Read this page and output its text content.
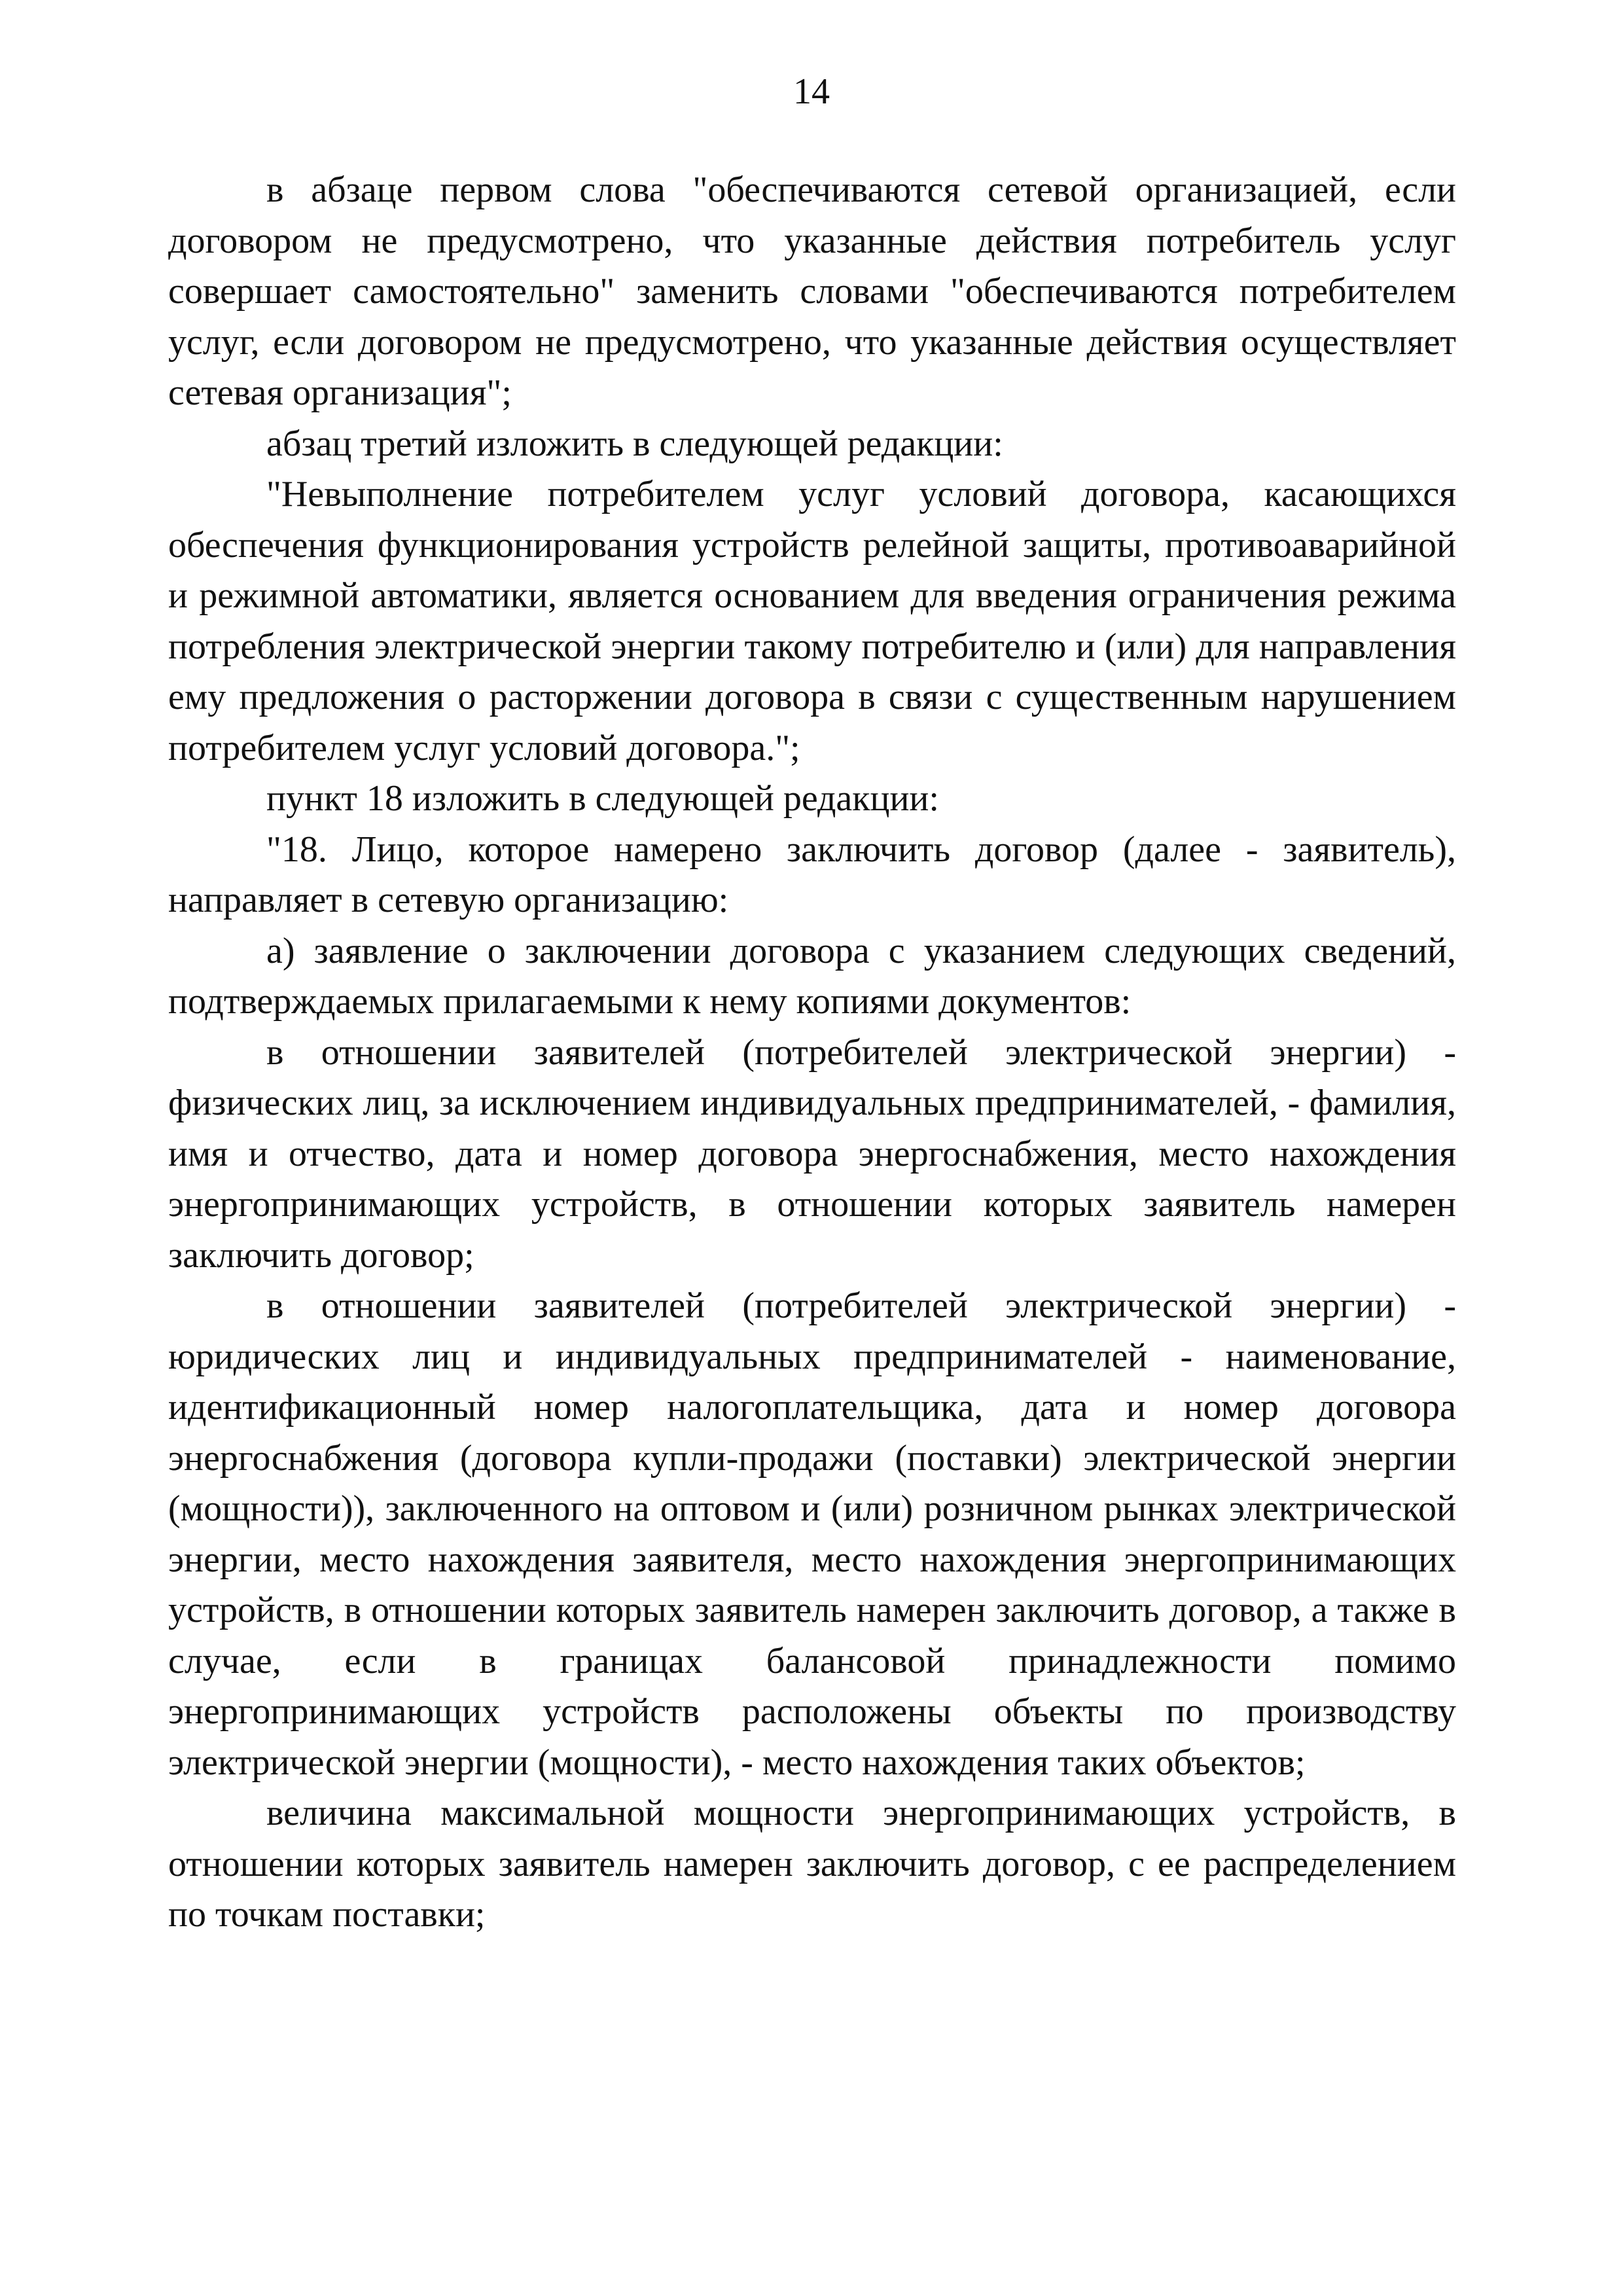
14

в абзаце первом слова "обеспечиваются сетевой организацией, если договором не предусмотрено, что указанные действия потребитель услуг совершает самостоятельно" заменить словами "обеспечиваются потребителем услуг, если договором не предусмотрено, что указанные действия осуществляет сетевая организация";

абзац третий изложить в следующей редакции:

"Невыполнение потребителем услуг условий договора, касающихся обеспечения функционирования устройств релейной защиты, противоаварийной и режимной автоматики, является основанием для введения ограничения режима потребления электрической энергии такому потребителю и (или) для направления ему предложения о расторжении договора в связи с существенным нарушением потребителем услуг условий договора.";

пункт 18 изложить в следующей редакции:

"18. Лицо, которое намерено заключить договор (далее - заявитель), направляет в сетевую организацию:

а) заявление о заключении договора с указанием следующих сведений, подтверждаемых прилагаемыми к нему копиями документов:

в отношении заявителей (потребителей электрической энергии) - физических лиц, за исключением индивидуальных предпринимателей, - фамилия, имя и отчество, дата и номер договора энергоснабжения, место нахождения энергопринимающих устройств, в отношении которых заявитель намерен заключить договор;

в отношении заявителей (потребителей электрической энергии) - юридических лиц и индивидуальных предпринимателей - наименование, идентификационный номер налогоплательщика, дата и номер договора энергоснабжения (договора купли-продажи (поставки) электрической энергии (мощности)), заключенного на оптовом и (или) розничном рынках электрической энергии, место нахождения заявителя, место нахождения энергопринимающих устройств, в отношении которых заявитель намерен заключить договор, а также в случае, если в границах балансовой принадлежности помимо энергопринимающих устройств расположены объекты по производству электрической энергии (мощности), - место нахождения таких объектов;

величина максимальной мощности энергопринимающих устройств, в отношении которых заявитель намерен заключить договор, с ее распределением по точкам поставки;
